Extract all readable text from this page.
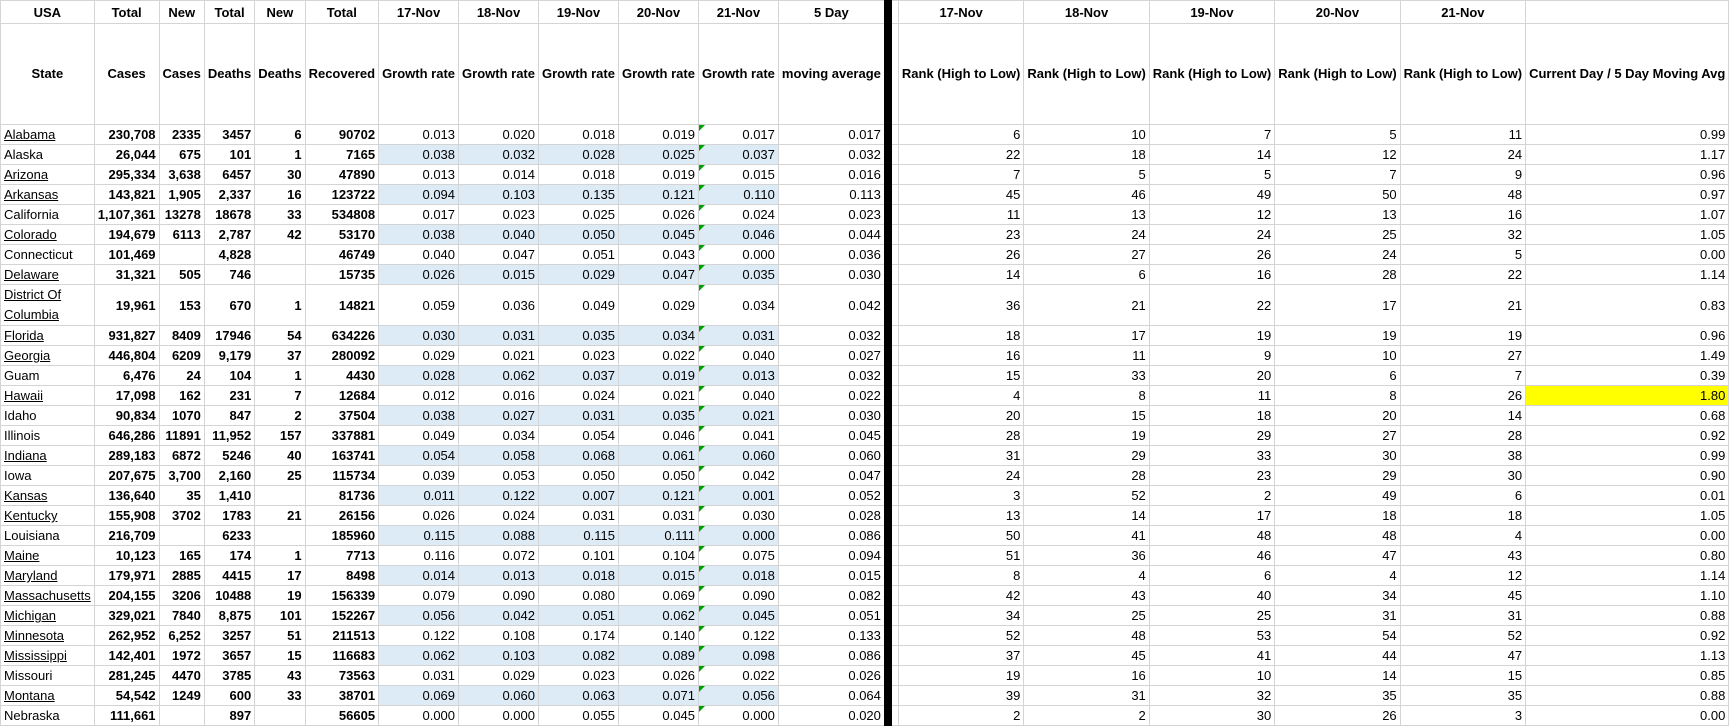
USA	Total	New	Total	New	Total	17-Nov	18-Nov	19-Nov	20-Nov	21-Nov	5 Day		17-Nov	18-Nov	19-Nov	20-Nov	21-Nov	
State	Cases	Cases	Deaths	Deaths	Recovered	Growth rate	Growth rate	Growth rate	Growth rate	Growth rate	moving average		Rank (High to Low)	Rank (High to Low)	Rank (High to Low)	Rank (High to Low)	Rank (High to Low)	Current Day / 5 Day Moving Avg
Alabama	230,708	2335	3457	6	90702	0.013	0.020	0.018	0.019	0.017	0.017		6	10	7	5	11	0.99
Alaska	26,044	675	101	1	7165	0.038	0.032	0.028	0.025	0.037	0.032		22	18	14	12	24	1.17
Arizona	295,334	3,638	6457	30	47890	0.013	0.014	0.018	0.019	0.015	0.016		7	5	5	7	9	0.96
Arkansas	143,821	1,905	2,337	16	123722	0.094	0.103	0.135	0.121	0.110	0.113		45	46	49	50	48	0.97
California	1,107,361	13278	18678	33	534808	0.017	0.023	0.025	0.026	0.024	0.023		11	13	12	13	16	1.07
Colorado	194,679	6113	2,787	42	53170	0.038	0.040	0.050	0.045	0.046	0.044		23	24	24	25	32	1.05
Connecticut	101,469		4,828		46749	0.040	0.047	0.051	0.043	0.000	0.036		26	27	26	24	5	0.00
Delaware	31,321	505	746		15735	0.026	0.015	0.029	0.047	0.035	0.030		14	6	16	28	22	1.14

District Of Columbia	19,961	153	670	1	14821	0.059	0.036	0.049	0.029	0.034	0.042		36	21	22	17	21	0.83
Florida	931,827	8409	17946	54	634226	0.030	0.031	0.035	0.034	0.031	0.032		18	17	19	19	19	0.96
Georgia	446,804	6209	9,179	37	280092	0.029	0.021	0.023	0.022	0.040	0.027		16	11	9	10	27	1.49
Guam	6,476	24	104	1	4430	0.028	0.062	0.037	0.019	0.013	0.032		15	33	20	6	7	0.39
Hawaii	17,098	162	231	7	12684	0.012	0.016	0.024	0.021	0.040	0.022		4	8	11	8	26	1.80
Idaho	90,834	1070	847	2	37504	0.038	0.027	0.031	0.035	0.021	0.030		20	15	18	20	14	0.68
Illinois	646,286	11891	11,952	157	337881	0.049	0.034	0.054	0.046	0.041	0.045		28	19	29	27	28	0.92
Indiana	289,183	6872	5246	40	163741	0.054	0.058	0.068	0.061	0.060	0.060		31	29	33	30	38	0.99
Iowa	207,675	3,700	2,160	25	115734	0.039	0.053	0.050	0.050	0.042	0.047		24	28	23	29	30	0.90
Kansas	136,640	35	1,410		81736	0.011	0.122	0.007	0.121	0.001	0.052		3	52	2	49	6	0.01
Kentucky	155,908	3702	1783	21	26156	0.026	0.024	0.031	0.031	0.030	0.028		13	14	17	18	18	1.05
Louisiana	216,709		6233		185960	0.115	0.088	0.115	0.111	0.000	0.086		50	41	48	48	4	0.00
Maine	10,123	165	174	1	7713	0.116	0.072	0.101	0.104	0.075	0.094		51	36	46	47	43	0.80
Maryland	179,971	2885	4415	17	8498	0.014	0.013	0.018	0.015	0.018	0.015		8	4	6	4	12	1.14
Massachusetts	204,155	3206	10488	19	156339	0.079	0.090	0.080	0.069	0.090	0.082		42	43	40	34	45	1.10
Michigan	329,021	7840	8,875	101	152267	0.056	0.042	0.051	0.062	0.045	0.051		34	25	25	31	31	0.88
Minnesota	262,952	6,252	3257	51	211513	0.122	0.108	0.174	0.140	0.122	0.133		52	48	53	54	52	0.92
Mississippi	142,401	1972	3657	15	116683	0.062	0.103	0.082	0.089	0.098	0.086		37	45	41	44	47	1.13
Missouri	281,245	4470	3785	43	73563	0.031	0.029	0.023	0.026	0.022	0.026		19	16	10	14	15	0.85
Montana	54,542	1249	600	33	38701	0.069	0.060	0.063	0.071	0.056	0.064		39	31	32	35	35	0.88
Nebraska	111,661		897		56605	0.000	0.000	0.055	0.045	0.000	0.020		2	2	30	26	3	0.00
